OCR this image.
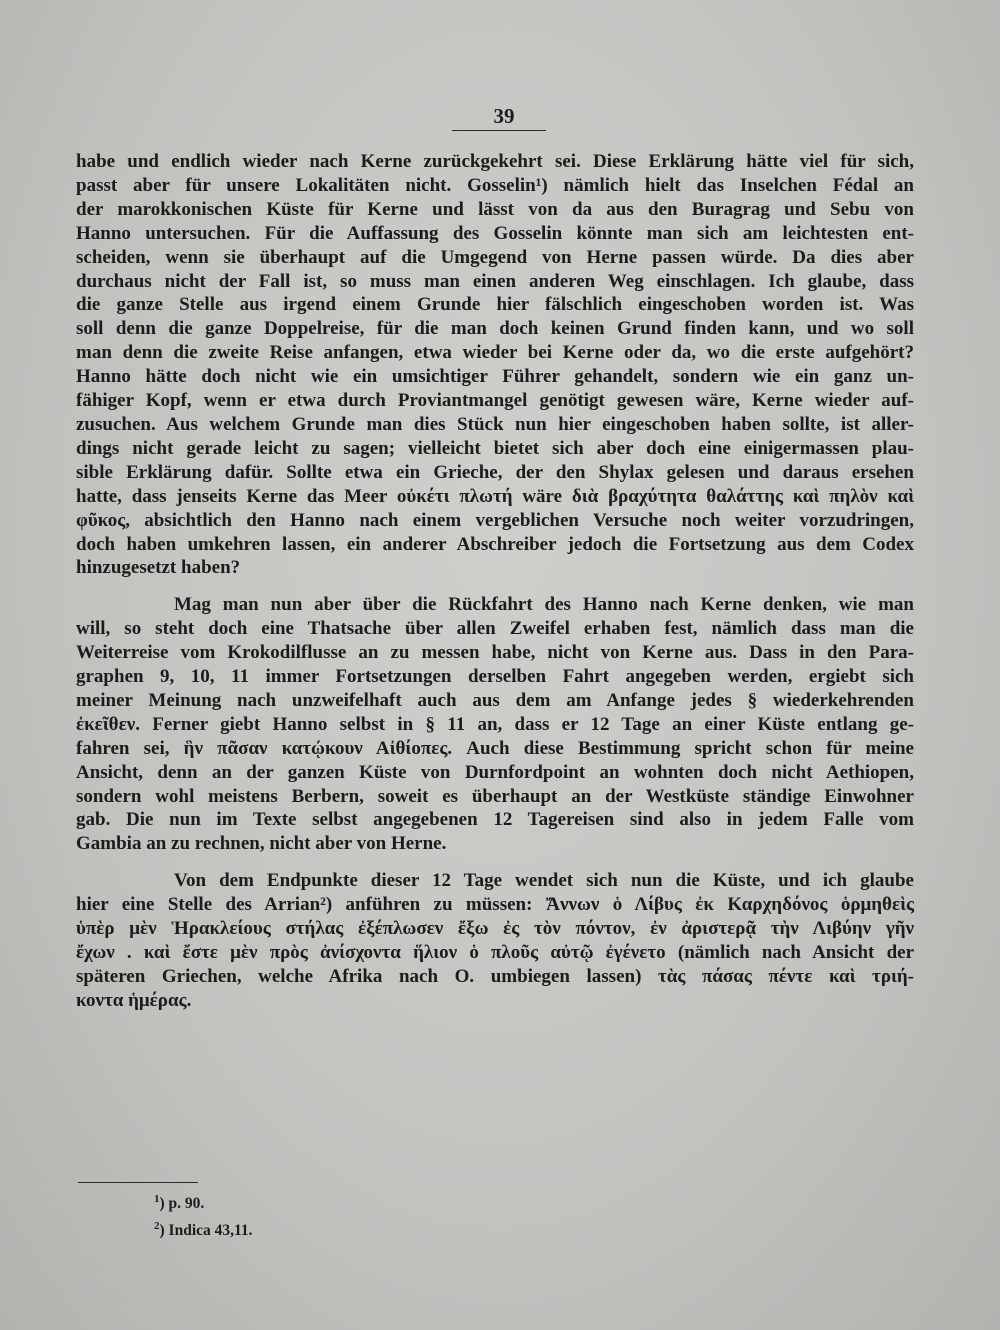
39
habe und endlich wieder nach Kerne zurückgekehrt sei. Diese Erklärung hätte viel für sich,
passt aber für unsere Lokalitäten nicht. Gosselin¹) nämlich hielt das Inselchen Fédal an
der marokkonischen Küste für Kerne und lässt von da aus den Buragrag und Sebu von
Hanno untersuchen. Für die Auffassung des Gosselin könnte man sich am leichtesten ent-
scheiden, wenn sie überhaupt auf die Umgegend von Herne passen würde. Da dies aber
durchaus nicht der Fall ist, so muss man einen anderen Weg einschlagen. Ich glaube, dass
die ganze Stelle aus irgend einem Grunde hier fälschlich eingeschoben worden ist. Was
soll denn die ganze Doppelreise, für die man doch keinen Grund finden kann, und wo soll
man denn die zweite Reise anfangen, etwa wieder bei Kerne oder da, wo die erste aufgehört?
Hanno hätte doch nicht wie ein umsichtiger Führer gehandelt, sondern wie ein ganz un-
fähiger Kopf, wenn er etwa durch Proviantmangel genötigt gewesen wäre, Kerne wieder auf-
zusuchen. Aus welchem Grunde man dies Stück nun hier eingeschoben haben sollte, ist aller-
dings nicht gerade leicht zu sagen; vielleicht bietet sich aber doch eine einigermassen plau-
sible Erklärung dafür. Sollte etwa ein Grieche, der den Shylax gelesen und daraus ersehen
hatte, dass jenseits Kerne das Meer οὐκέτι πλωτή wäre διὰ βραχύτητα θαλάττης καὶ πηλὸν καὶ
φῦκος, absichtlich den Hanno nach einem vergeblichen Versuche noch weiter vorzudringen,
doch haben umkehren lassen, ein anderer Abschreiber jedoch die Fortsetzung aus dem Codex
hinzugesetzt haben?
Mag man nun aber über die Rückfahrt des Hanno nach Kerne denken, wie man
will, so steht doch eine Thatsache über allen Zweifel erhaben fest, nämlich dass man die
Weiterreise vom Krokodilflusse an zu messen habe, nicht von Kerne aus. Dass in den Para-
graphen 9, 10, 11 immer Fortsetzungen derselben Fahrt angegeben werden, ergiebt sich
meiner Meinung nach unzweifelhaft auch aus dem am Anfange jedes § wiederkehrenden
ἐκεῖθεν. Ferner giebt Hanno selbst in § 11 an, dass er 12 Tage an einer Küste entlang ge-
fahren sei, ἣν πᾶσαν κατῴκουν Αἰθίοπες. Auch diese Bestimmung spricht schon für meine
Ansicht, denn an der ganzen Küste von Durnfordpoint an wohnten doch nicht Aethiopen,
sondern wohl meistens Berbern, soweit es überhaupt an der Westküste ständige Einwohner
gab. Die nun im Texte selbst angegebenen 12 Tagereisen sind also in jedem Falle vom
Gambia an zu rechnen, nicht aber von Herne.
Von dem Endpunkte dieser 12 Tage wendet sich nun die Küste, und ich glaube
hier eine Stelle des Arrian²) anführen zu müssen: Ἄννων ὁ Λίβυς ἐκ Καρχηδόνος ὁρμηθεὶς
ὑπὲρ μὲν Ἡρακλείους στήλας ἐξέπλωσεν ἔξω ἐς τὸν πόντον, ἐν ἀριστερᾷ τὴν Λιβύην γῆν
ἔχων . καὶ ἔστε μὲν πρὸς ἀνίσχοντα ἥλιον ὁ πλοῦς αὐτῷ ἐγένετο (nämlich nach Ansicht der
späteren Griechen, welche Afrika nach O. umbiegen lassen) τὰς πάσας πέντε καὶ τριή-
κοντα ἡμέρας.
$^1$) p. 90.
$^2$) Indica 43,11.
